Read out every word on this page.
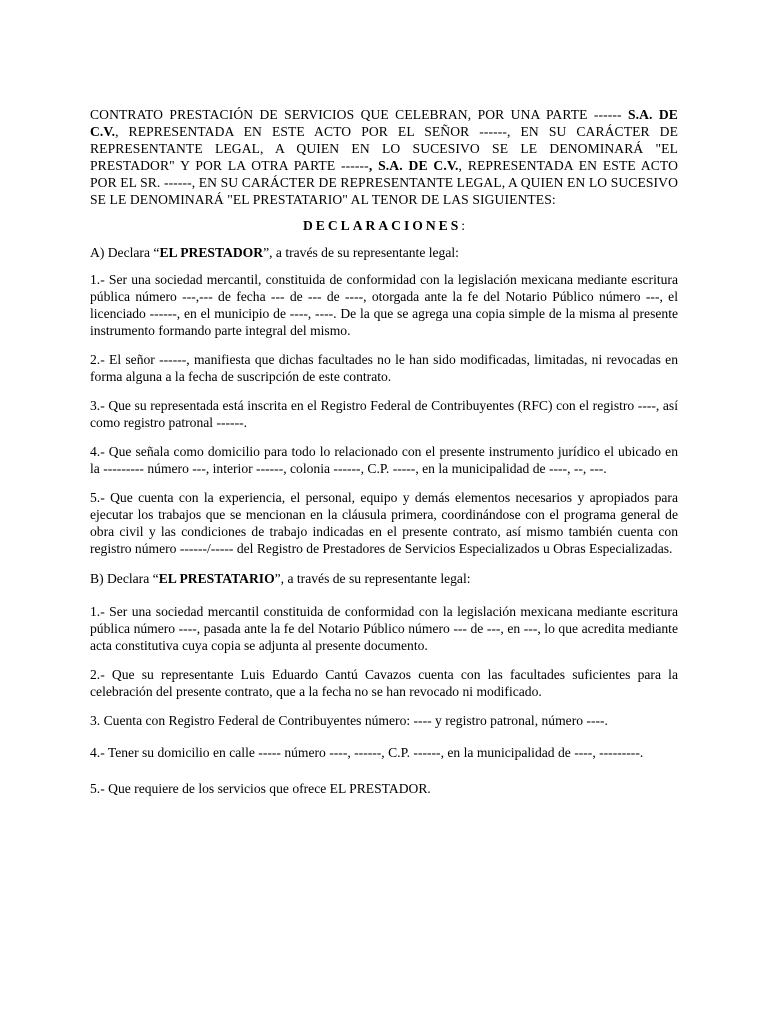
CONTRATO PRESTACIÓN DE SERVICIOS QUE CELEBRAN, POR UNA PARTE ------ S.A. DE C.V., REPRESENTADA EN ESTE ACTO POR EL SEÑOR ------, EN SU CARÁCTER DE REPRESENTANTE LEGAL, A QUIEN EN LO SUCESIVO SE LE DENOMINARÁ "EL PRESTADOR" Y POR LA OTRA PARTE ------, S.A. DE C.V., REPRESENTADA EN ESTE ACTO POR EL SR. ------, EN SU CARÁCTER DE REPRESENTANTE LEGAL, A QUIEN EN LO SUCESIVO SE LE DENOMINARÁ "EL PRESTATARIO" AL TENOR DE LAS SIGUIENTES:

DECLARACIONES:

A) Declara “EL PRESTADOR”, a través de su representante legal:

1.- Ser una sociedad mercantil, constituida de conformidad con la legislación mexicana mediante escritura pública número ---,--- de fecha --- de --- de ----, otorgada ante la fe del Notario Público número ---, el licenciado ------, en el municipio de ----, ----. De la que se agrega una copia simple de la misma al presente instrumento formando parte integral del mismo.

2.- El señor ------, manifiesta que dichas facultades no le han sido modificadas, limitadas, ni revocadas en forma alguna a la fecha de suscripción de este contrato.

3.- Que su representada está inscrita en el Registro Federal de Contribuyentes (RFC) con el registro ----, así como registro patronal ------.

4.- Que señala como domicilio para todo lo relacionado con el presente instrumento jurídico el ubicado en la --------- número ---, interior ------, colonia ------, C.P. -----, en la municipalidad de ----, --, ---.

5.- Que cuenta con la experiencia, el personal, equipo y demás elementos necesarios y apropiados para ejecutar los trabajos que se mencionan en la cláusula primera, coordinándose con el programa general de obra civil y las condiciones de trabajo indicadas en el presente contrato, así mismo también cuenta con registro número ------/----- del Registro de Prestadores de Servicios Especializados u Obras Especializadas.

B) Declara “EL PRESTATARIO”, a través de su representante legal:

1.- Ser una sociedad mercantil constituida de conformidad con la legislación mexicana mediante escritura pública número ----, pasada ante la fe del Notario Público número --- de ---, en ---, lo que acredita mediante acta constitutiva cuya copia se adjunta al presente documento.

2.- Que su representante Luis Eduardo Cantú Cavazos cuenta con las facultades suficientes para la celebración del presente contrato, que a la fecha no se han revocado ni modificado.

3. Cuenta con Registro Federal de Contribuyentes número: ---- y registro patronal, número ----.

4.- Tener su domicilio en calle ----- número ----, ------, C.P. ------, en la municipalidad de ----, ---------.

5.- Que requiere de los servicios que ofrece EL PRESTADOR.
